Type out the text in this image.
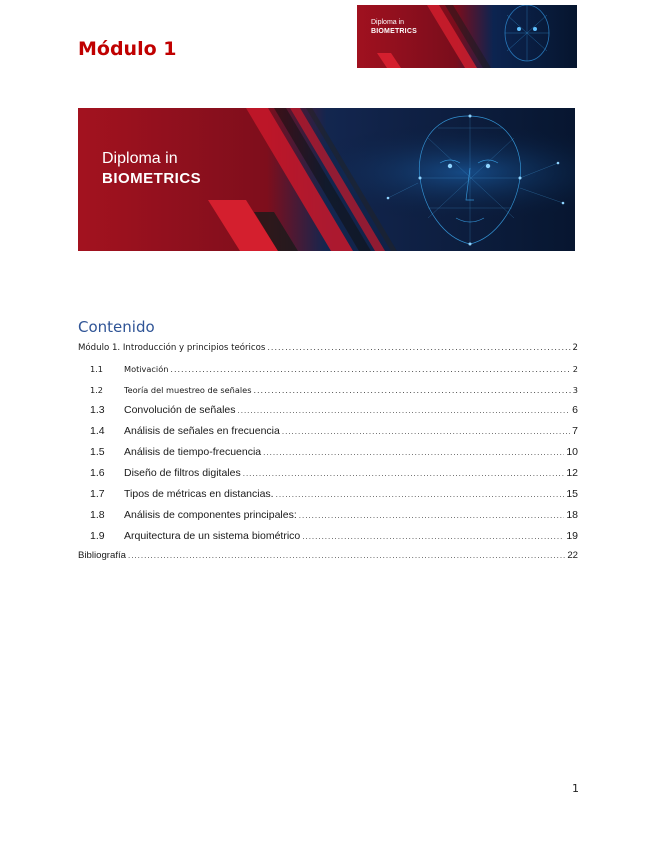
Módulo 1
Diploma in
BIOMETRICS
Diploma in
BIOMETRICS
Contenido
Módulo 1. Introducción y principios teóricos .....	2
1.1	Motivación .....	2
1.2	Teoría del muestreo de señales .....	3
1.3	Convolución de señales .....	6
1.4	Análisis de señales en frecuencia .....	7
1.5	Análisis de tiempo-frecuencia .....	10
1.6	Diseño de filtros digitales .....	12
1.7	Tipos de métricas en distancias. .....	15
1.8	Análisis de componentes principales: .....	18
1.9	Arquitectura de un sistema biométrico .....	19
Bibliografía .....	22
1
